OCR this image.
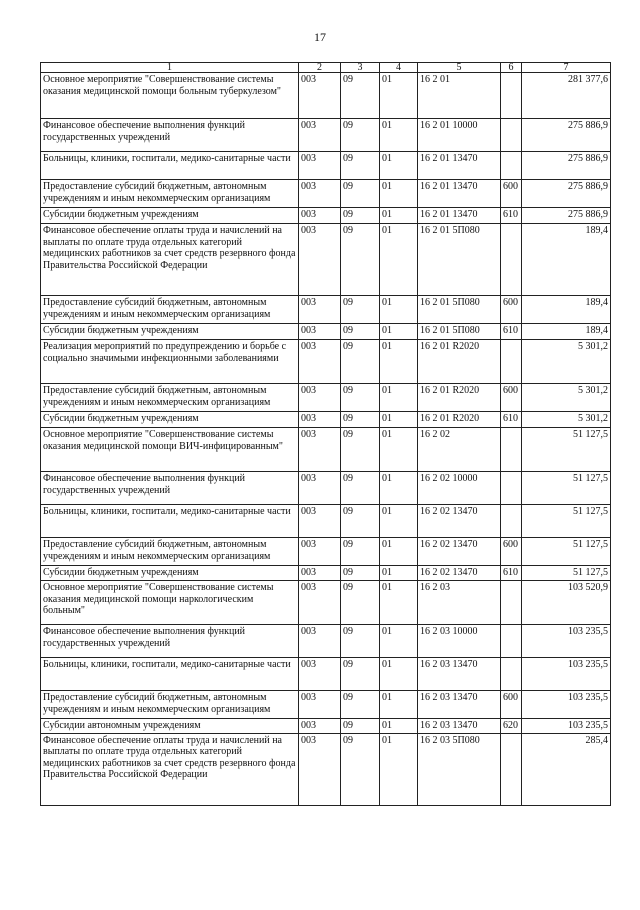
17
1	2	3	4	5	6	7
Основное мероприятие "Совершенствование системы оказания медицинской помощи больным туберкулезом"	003	09	01	16 2 01		281 377,6
Финансовое обеспечение выполнения функций государственных учреждений	003	09	01	16 2 01 10000		275 886,9
Больницы, клиники, госпитали, медико-санитарные части	003	09	01	16 2 01 13470		275 886,9
Предоставление субсидий бюджетным, автономным учреждениям и иным некоммерческим организациям	003	09	01	16 2 01 13470	600	275 886,9
Субсидии бюджетным учреждениям	003	09	01	16 2 01 13470	610	275 886,9
Финансовое обеспечение оплаты труда и начислений на выплаты по оплате труда отдельных категорий медицинских работников за счет средств резервного фонда Правительства Российской Федерации	003	09	01	16 2 01 5П080		189,4
Предоставление субсидий бюджетным, автономным учреждениям и иным некоммерческим организациям	003	09	01	16 2 01 5П080	600	189,4
Субсидии бюджетным учреждениям	003	09	01	16 2 01 5П080	610	189,4
Реализация мероприятий по предупреждению и борьбе с социально значимыми инфекционными заболеваниями	003	09	01	16 2 01 R2020		5 301,2
Предоставление субсидий бюджетным, автономным учреждениям и иным некоммерческим организациям	003	09	01	16 2 01 R2020	600	5 301,2
Субсидии бюджетным учреждениям	003	09	01	16 2 01 R2020	610	5 301,2
Основное мероприятие "Совершенствование системы оказания медицинской помощи ВИЧ-инфицированным"	003	09	01	16 2 02		51 127,5
Финансовое обеспечение выполнения функций государственных учреждений	003	09	01	16 2 02 10000		51 127,5
Больницы, клиники, госпитали, медико-санитарные части	003	09	01	16 2 02 13470		51 127,5
Предоставление субсидий бюджетным, автономным учреждениям и иным некоммерческим организациям	003	09	01	16 2 02 13470	600	51 127,5
Субсидии бюджетным учреждениям	003	09	01	16 2 02 13470	610	51 127,5
Основное мероприятие "Совершенствование системы оказания медицинской помощи наркологическим больным"	003	09	01	16 2 03		103 520,9
Финансовое обеспечение выполнения функций государственных учреждений	003	09	01	16 2 03 10000		103 235,5
Больницы, клиники, госпитали, медико-санитарные части	003	09	01	16 2 03 13470		103 235,5
Предоставление субсидий бюджетным, автономным учреждениям и иным некоммерческим организациям	003	09	01	16 2 03 13470	600	103 235,5
Субсидии автономным учреждениям	003	09	01	16 2 03 13470	620	103 235,5
Финансовое обеспечение оплаты труда и начислений на выплаты по оплате труда отдельных категорий медицинских работников за счет средств резервного фонда Правительства Российской Федерации	003	09	01	16 2 03 5П080		285,4
